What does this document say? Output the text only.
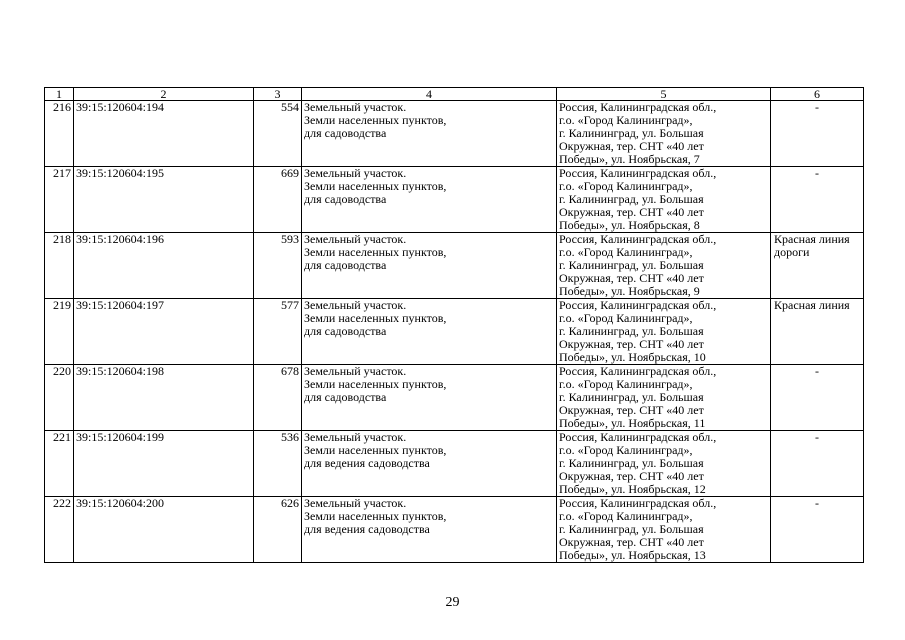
1	2	3	4	5	6
216	39:15:120604:194	554	Земельный участок.
Земли населенных пунктов,
для садоводства	Россия, Калининградская обл.,
г.о. «Город Калининград»,
г. Калининград, ул. Большая
Окружная, тер. СНТ «40 лет
Победы», ул. Ноябрьская, 7	-

217	39:15:120604:195	669	Земельный участок.
Земли населенных пунктов,
для садоводства	Россия, Калининградская обл.,
г.о. «Город Калининград»,
г. Калининград, ул. Большая
Окружная, тер. СНТ «40 лет
Победы», ул. Ноябрьская, 8	-

218	39:15:120604:196	593	Земельный участок.
Земли населенных пунктов,
для садоводства	Россия, Калининградская обл.,
г.о. «Город Калининград»,
г. Калининград, ул. Большая
Окружная, тер. СНТ «40 лет
Победы», ул. Ноябрьская, 9	Красная линия
дороги

219	39:15:120604:197	577	Земельный участок.
Земли населенных пунктов,
для садоводства	Россия, Калининградская обл.,
г.о. «Город Калининград»,
г. Калининград, ул. Большая
Окружная, тер. СНТ «40 лет
Победы», ул. Ноябрьская, 10	Красная линия

220	39:15:120604:198	678	Земельный участок.
Земли населенных пунктов,
для садоводства	Россия, Калининградская обл.,
г.о. «Город Калининград»,
г. Калининград, ул. Большая
Окружная, тер. СНТ «40 лет
Победы», ул. Ноябрьская, 11	-

221	39:15:120604:199	536	Земельный участок.
Земли населенных пунктов,
для ведения садоводства	Россия, Калининградская обл.,
г.о. «Город Калининград»,
г. Калининград, ул. Большая
Окружная, тер. СНТ «40 лет
Победы», ул. Ноябрьская, 12	-

222	39:15:120604:200	626	Земельный участок.
Земли населенных пунктов,
для ведения садоводства	Россия, Калининградская обл.,
г.о. «Город Калининград»,
г. Калининград, ул. Большая
Окружная, тер. СНТ «40 лет
Победы», ул. Ноябрьская, 13	-
29
